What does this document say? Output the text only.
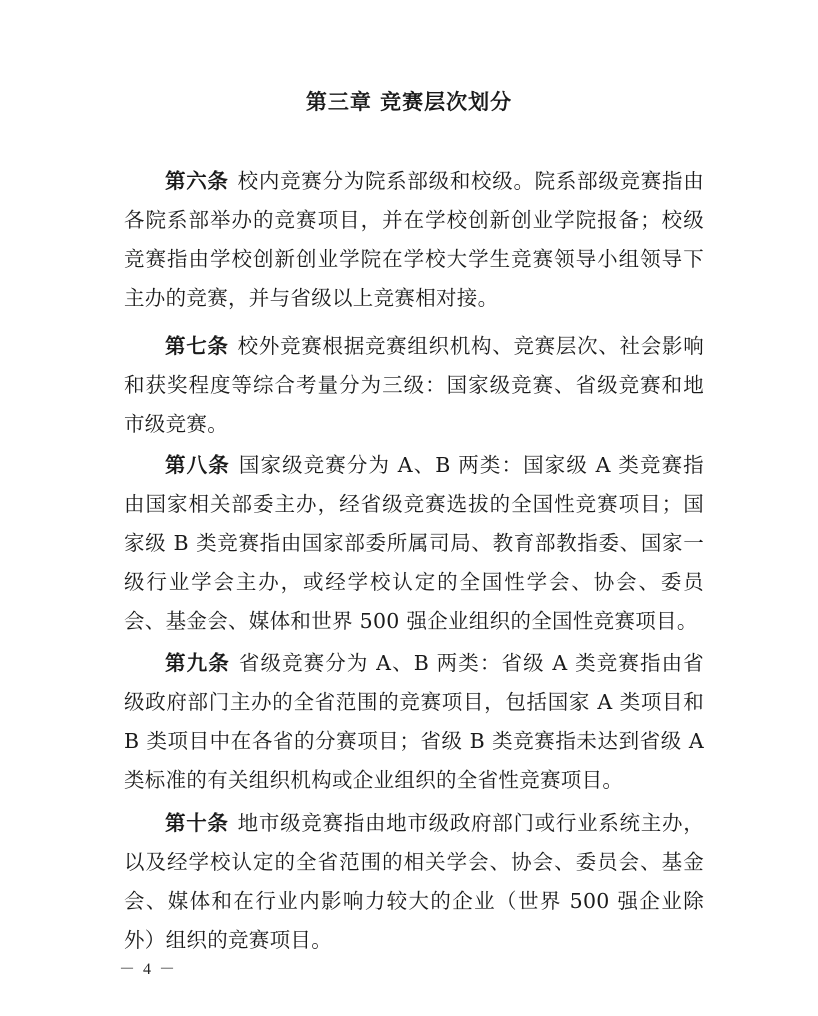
第三章 竞赛层次划分

第六条 校内竞赛分为院系部级和校级。院系部级竞赛指由各院系部举办的竞赛项目，并在学校创新创业学院报备；校级竞赛指由学校创新创业学院在学校大学生竞赛领导小组领导下主办的竞赛，并与省级以上竞赛相对接。

第七条 校外竞赛根据竞赛组织机构、竞赛层次、社会影响和获奖程度等综合考量分为三级：国家级竞赛、省级竞赛和地市级竞赛。

第八条 国家级竞赛分为 A、B 两类：国家级 A 类竞赛指由国家相关部委主办，经省级竞赛选拔的全国性竞赛项目；国家级 B 类竞赛指由国家部委所属司局、教育部教指委、国家一级行业学会主办，或经学校认定的全国性学会、协会、委员会、基金会、媒体和世界 500 强企业组织的全国性竞赛项目。

第九条 省级竞赛分为 A、B 两类：省级 A 类竞赛指由省级政府部门主办的全省范围的竞赛项目，包括国家 A 类项目和 B 类项目中在各省的分赛项目；省级 B 类竞赛指未达到省级 A 类标准的有关组织机构或企业组织的全省性竞赛项目。

第十条 地市级竞赛指由地市级政府部门或行业系统主办，以及经学校认定的全省范围的相关学会、协会、委员会、基金会、媒体和在行业内影响力较大的企业（世界 500 强企业除外）组织的竞赛项目。

－ 4 －
